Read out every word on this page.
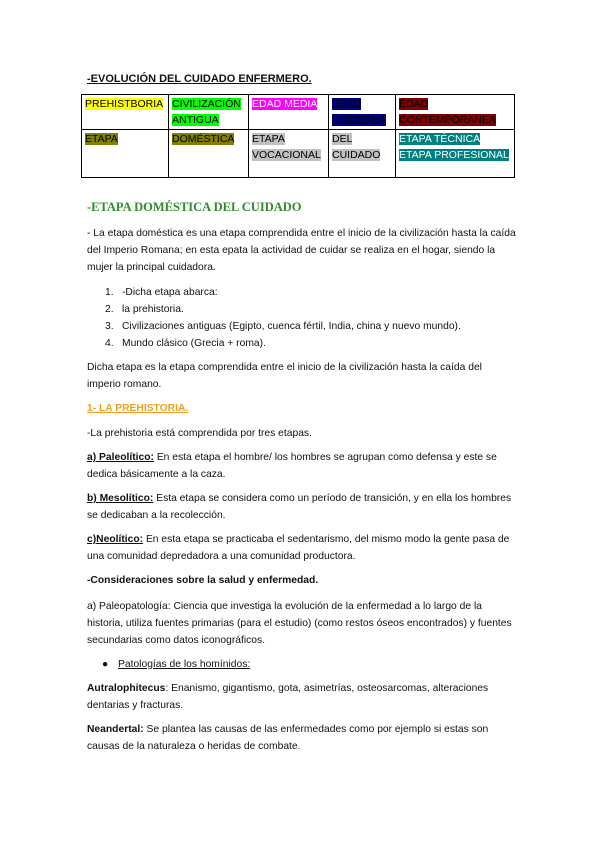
-EVOLUCIÓN DEL CUIDADO ENFERMERO.
PREHISTBORIA	CIVILIZACIÓN ANTIGUA	EDAD MEDIA	EDAD MODERNA	EDAD CONTEMPORANEA
ETAPA	DOMÉSTICA	ETAPA VOCACIONAL	DEL CUIDADO	ETAPA TÉCNICA ETAPA PROFESIONAL
-ETAPA DOMÉSTICA DEL CUIDADO

- La etapa doméstica es una etapa comprendida entre el inicio de la civilización hasta la caída del Imperio Romana; en esta epata la actividad de cuidar se realiza en el hogar, siendo la mujer la principal cuidadora.

1. -Dicha etapa abarca:
2. la prehistoria.
3. Civilizaciones antiguas (Egipto, cuenca fértil, India, china y nuevo mundo).
4. Mundo clásico (Grecia + roma).

Dicha etapa es la etapa comprendida entre el inicio de la civilización hasta la caída del imperio romano.

1- LA PREHISTORIA.

-La prehistoria está comprendida por tres etapas.

a) Paleolítico: En esta etapa el hombre/ los hombres se agrupan como defensa y este se dedica básicamente a la caza.

b) Mesolítico: Esta etapa se considera como un período de transición, y en ella los hombres se dedicaban a la recolección.

c)Neolítico: En esta etapa se practicaba el sedentarismo, del mismo modo la gente pasa de una comunidad depredadora a una comunidad productora.

-Consideraciones sobre la salud y enfermedad.

a) Paleopatología: Ciencia que investiga la evolución de la enfermedad a lo largo de la historia, utiliza fuentes primarias (para el estudio) (como restos óseos encontrados) y fuentes secundarias como datos iconográficos.

● Patologías de los homínidos:

Autralophitecus: Enanismo, gigantismo, gota, asimetrías, osteosarcomas, alteraciones dentarias y fracturas.

Neandertal: Se plantea las causas de las enfermedades como por ejemplo si estas son causas de la naturaleza o heridas de combate.
